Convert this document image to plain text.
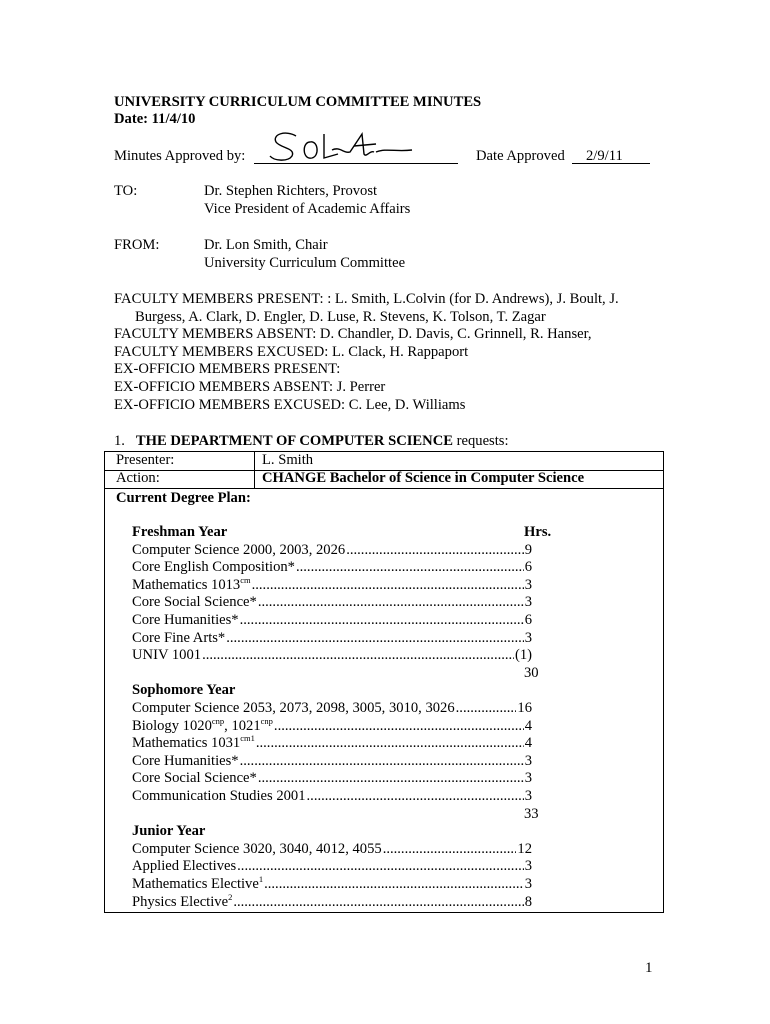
UNIVERSITY CURRICULUM COMMITTEE MINUTES
Date: 11/4/10
Minutes Approved by:	Date Approved 2/9/11
TO:	Dr. Stephen Richters, Provost
Vice President of Academic Affairs
FROM:	Dr. Lon Smith, Chair
University Curriculum Committee
FACULTY MEMBERS PRESENT: : L. Smith, L.Colvin (for D. Andrews), J. Boult, J.
Burgess, A. Clark, D. Engler, D. Luse, R. Stevens, K. Tolson, T. Zagar
FACULTY MEMBERS ABSENT: D. Chandler, D. Davis, C. Grinnell, R. Hanser,
FACULTY MEMBERS EXCUSED: L. Clack, H. Rappaport
EX-OFFICIO MEMBERS PRESENT:
EX-OFFICIO MEMBERS ABSENT: J. Perrer
EX-OFFICIO MEMBERS EXCUSED: C. Lee, D. Williams
1. THE DEPARTMENT OF COMPUTER SCIENCE requests:
Presenter:	L. Smith
Action:	CHANGE Bachelor of Science in Computer Science
Current Degree Plan:
Freshman Year	Hrs.
Computer Science 2000, 2003, 2026 .....	9
Core English Composition* .....	6
Mathematics $1013^{cm}$ .....	3
Core Social Science* .....	3
Core Humanities* .....	6
Core Fine Arts* .....	3
UNIV 1001 .....	(1)
30
Sophomore Year
Computer Science 2053, 2073, 2098, 3005, 3010, 3026 .....	16
Biology $1020^{cnp}$, $1021^{cnp}$ .....	4
Mathematics $1031^{cm1}$ .....	4
Core Humanities* .....	3
Core Social Science* .....	3
Communication Studies 2001 .....	3
33
Junior Year
Computer Science 3020, 3040, 4012, 4055 .....	12
Applied Electives .....	3
Mathematics Elective$^1$ .....	3
Physics Elective$^2$ .....	8
1
